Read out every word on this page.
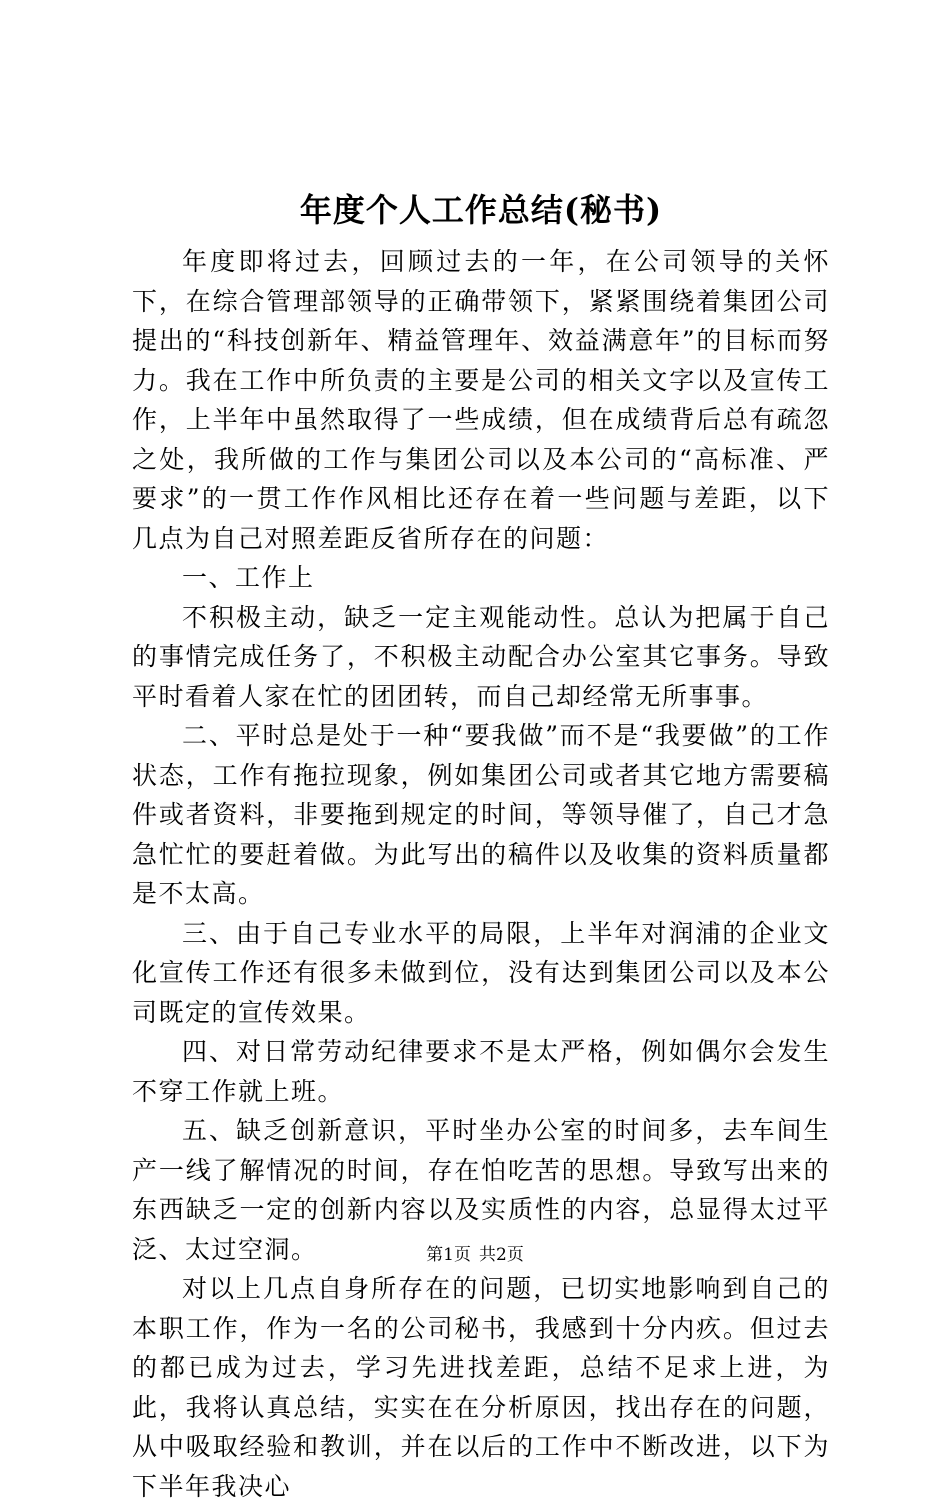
年度个人工作总结(秘书)

年度即将过去，回顾过去的一年，在公司领导的关怀下，在综合管理部领导的正确带领下，紧紧围绕着集团公司提出的“科技创新年、精益管理年、效益满意年”的目标而努力。我在工作中所负责的主要是公司的相关文字以及宣传工作，上半年中虽然取得了一些成绩，但在成绩背后总有疏忽之处，我所做的工作与集团公司以及本公司的“高标准、严要求”的一贯工作作风相比还存在着一些问题与差距，以下几点为自己对照差距反省所存在的问题：

一、工作上

不积极主动，缺乏一定主观能动性。总认为把属于自己的事情完成任务了，不积极主动配合办公室其它事务。导致平时看着人家在忙的团团转，而自己却经常无所事事。

二、平时总是处于一种“要我做”而不是“我要做”的工作状态，工作有拖拉现象，例如集团公司或者其它地方需要稿件或者资料，非要拖到规定的时间，等领导催了，自己才急急忙忙的要赶着做。为此写出的稿件以及收集的资料质量都是不太高。

三、由于自己专业水平的局限，上半年对润浦的企业文化宣传工作还有很多未做到位，没有达到集团公司以及本公司既定的宣传效果。

四、对日常劳动纪律要求不是太严格，例如偶尔会发生不穿工作就上班。

五、缺乏创新意识，平时坐办公室的时间多，去车间生产一线了解情况的时间，存在怕吃苦的思想。导致写出来的东西缺乏一定的创新内容以及实质性的内容，总显得太过平泛、太过空洞。

对以上几点自身所存在的问题，已切实地影响到自己的本职工作，作为一名的公司秘书，我感到十分内疚。但过去的都已成为过去，学习先进找差距，总结不足求上进，为此，我将认真总结，实实在在分析原因，找出存在的问题，从中吸取经验和教训，并在以后的工作中不断改进，以下为下半年我决心

第1页 共2页
